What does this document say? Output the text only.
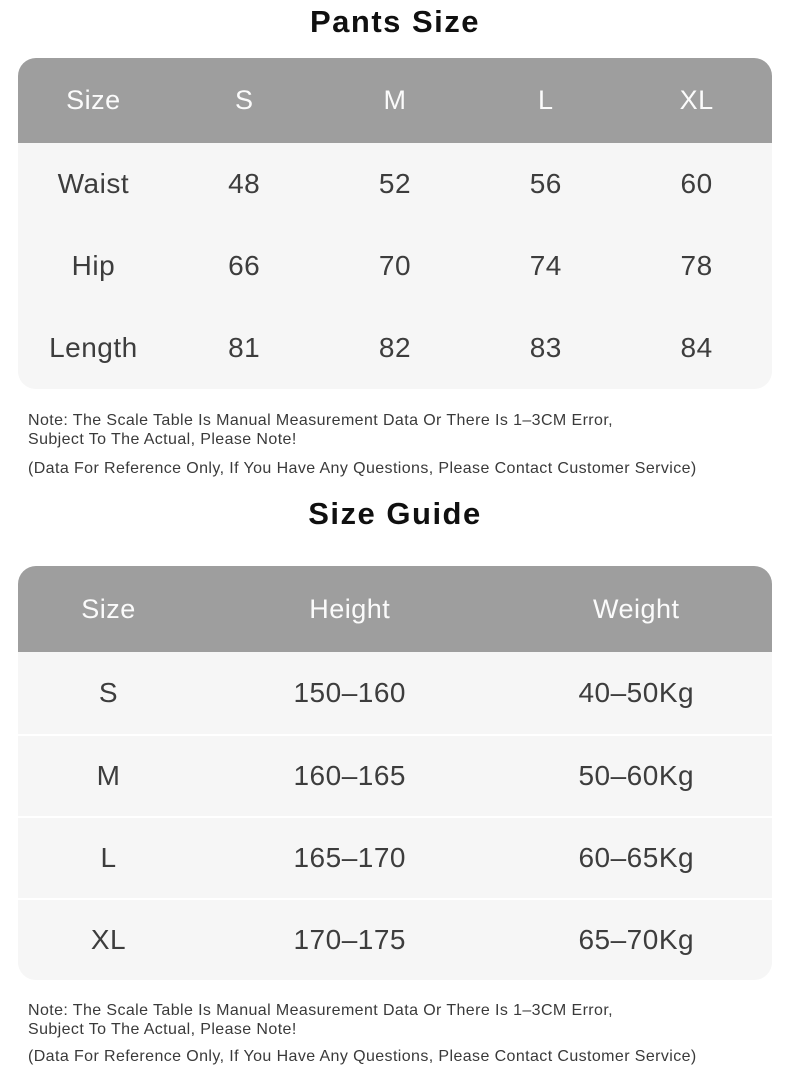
Pants Size
Size	S	M	L	XL
Waist	48	52	56	60
Hip	66	70	74	78
Length	81	82	83	84
Note: The Scale Table Is Manual Measurement Data Or There Is 1–3CM Error,
Subject To The Actual, Please Note!
(Data For Reference Only, If You Have Any Questions, Please Contact Customer Service)
Size Guide
Size	Height	Weight
S	150–160	40–50Kg
M	160–165	50–60Kg
L	165–170	60–65Kg
XL	170–175	65–70Kg
Note: The Scale Table Is Manual Measurement Data Or There Is 1–3CM Error,
Subject To The Actual, Please Note!
(Data For Reference Only, If You Have Any Questions, Please Contact Customer Service)
